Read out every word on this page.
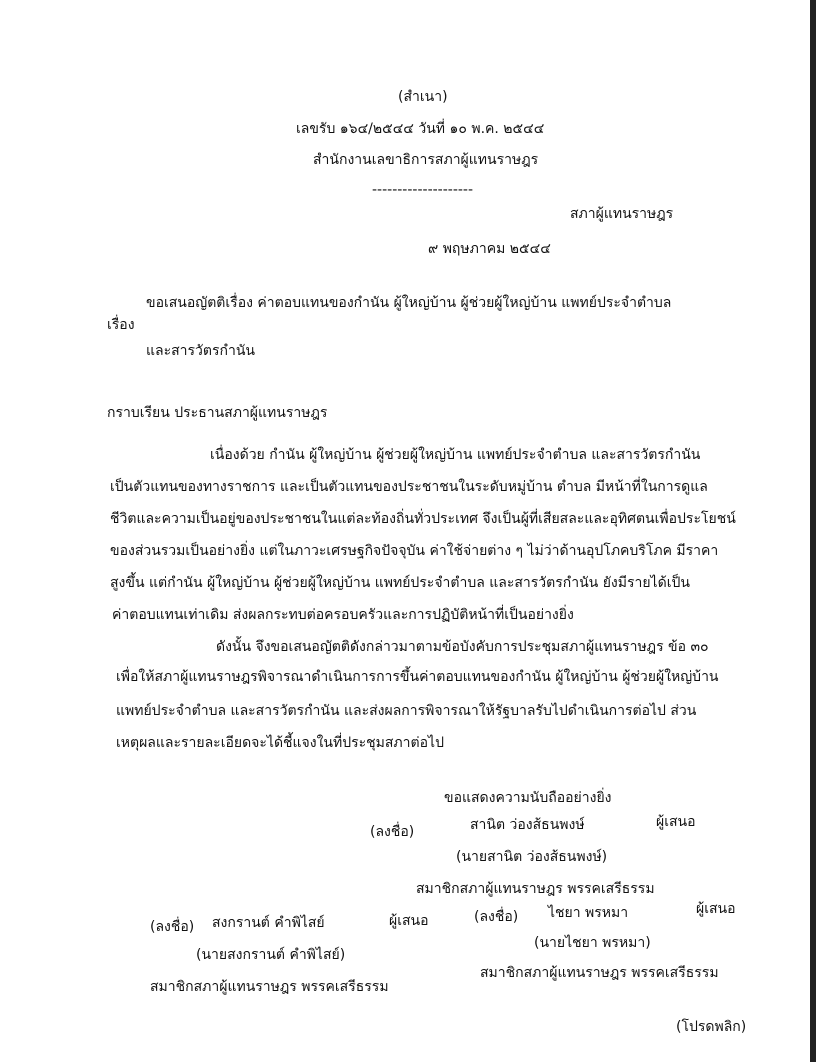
(สำเนา)
เลขรับ ๑๖๔/๒๕๔๔ วันที่ ๑๐ พ.ค. ๒๕๔๔
สำนักงานเลขาธิการสภาผู้แทนราษฎร
--------------------
สภาผู้แทนราษฎร
๙ พฤษภาคม ๒๕๔๔
เรื่อง
ขอเสนอญัตติเรื่อง ค่าตอบแทนของกำนัน ผู้ใหญ่บ้าน ผู้ช่วยผู้ใหญ่บ้าน แพทย์ประจำตำบล
และสารวัตรกำนัน
กราบเรียน ประธานสภาผู้แทนราษฎร
เนื่องด้วย กำนัน ผู้ใหญ่บ้าน ผู้ช่วยผู้ใหญ่บ้าน แพทย์ประจำตำบล และสารวัตรกำนัน
เป็นตัวแทนของทางราชการ และเป็นตัวแทนของประชาชนในระดับหมู่บ้าน ตำบล มีหน้าที่ในการดูแล
ชีวิตและความเป็นอยู่ของประชาชนในแต่ละท้องถิ่นทั่วประเทศ จึงเป็นผู้ที่เสียสละและอุทิศตนเพื่อประโยชน์
ของส่วนรวมเป็นอย่างยิ่ง แต่ในภาวะเศรษฐกิจปัจจุบัน ค่าใช้จ่ายต่าง ๆ ไม่ว่าด้านอุปโภคบริโภค มีราคา
สูงขึ้น แต่กำนัน ผู้ใหญ่บ้าน ผู้ช่วยผู้ใหญ่บ้าน แพทย์ประจำตำบล และสารวัตรกำนัน ยังมีรายได้เป็น
ค่าตอบแทนเท่าเดิม ส่งผลกระทบต่อครอบครัวและการปฏิบัติหน้าที่เป็นอย่างยิ่ง
ดังนั้น จึงขอเสนอญัตติดังกล่าวมาตามข้อบังคับการประชุมสภาผู้แทนราษฎร ข้อ ๓๐
เพื่อให้สภาผู้แทนราษฎรพิจารณาดำเนินการการขึ้นค่าตอบแทนของกำนัน ผู้ใหญ่บ้าน ผู้ช่วยผู้ใหญ่บ้าน
แพทย์ประจำตำบล และสารวัตรกำนัน และส่งผลการพิจารณาให้รัฐบาลรับไปดำเนินการต่อไป ส่วน
เหตุผลและรายละเอียดจะได้ชี้แจงในที่ประชุมสภาต่อไป
ขอแสดงความนับถืออย่างยิ่ง
(ลงชื่อ)	สานิต ว่องส้ธนพงษ์	ผู้เสนอ
(นายสานิต ว่องส้ธนพงษ์)
สมาชิกสภาผู้แทนราษฎร พรรคเสรีธรรม
(ลงชื่อ) สงกรานต์ คำพิไสย์	ผู้เสนอ
(นายสงกรานต์ คำพิไสย์)
สมาชิกสภาผู้แทนราษฎร พรรคเสรีธรรม
(ลงชื่อ) ไชยา พรหมา	ผู้เสนอ
(นายไชยา พรหมา)
สมาชิกสภาผู้แทนราษฎร พรรคเสรีธรรม
(โปรดพลิก)
